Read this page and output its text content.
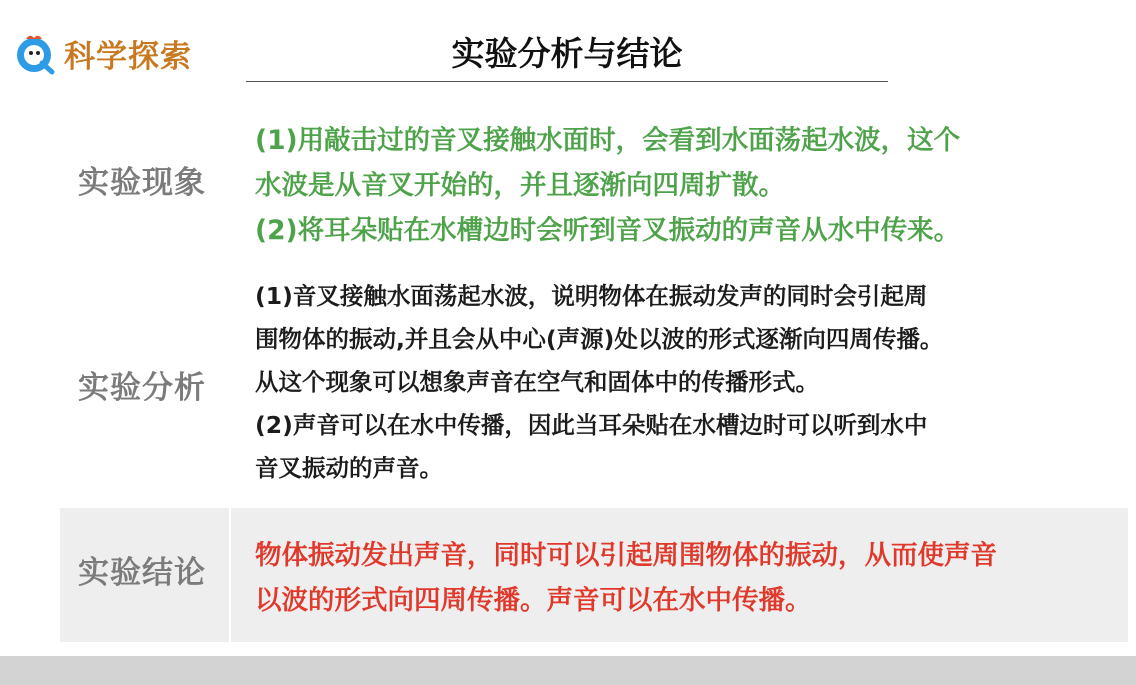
科学探索	实验分析与结论
实验现象

(1)用敲击过的音叉接触水面时，会看到水面荡起水波，这个

水波是从音叉开始的，并且逐渐向四周扩散。

(2)将耳朵贴在水槽边时会听到音叉振动的声音从水中传来。

实验分析

(1)音叉接触水面荡起水波，说明物体在振动发声的同时会引起周

围物体的振动,并且会从中心(声源)处以波的形式逐渐向四周传播。

从这个现象可以想象声音在空气和固体中的传播形式。

(2)声音可以在水中传播，因此当耳朵贴在水槽边时可以听到水中

音叉振动的声音。

实验结论 物体振动发出声音，同时可以引起周围物体的振动，从而使声音

以波的形式向四周传播。声音可以在水中传播。
